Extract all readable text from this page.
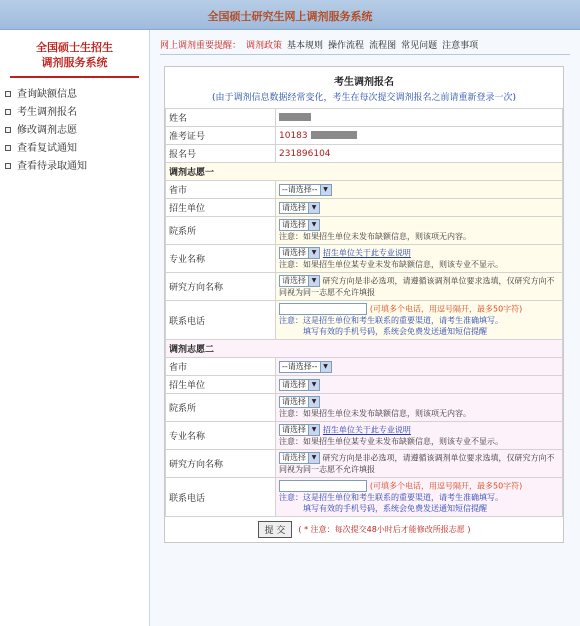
全国硕士研究生网上调剂服务系统
全国硕士生招生
调剂服务系统
查询缺额信息
考生调剂报名
修改调剂志愿
查看复试通知
查看待录取通知
网上调剂重要提醒： 调剂政策 基本规则 操作流程 流程图 常见问题 注意事项
考生调剂报名
(由于调剂信息数据经常变化，考生在每次提交调剂报名之前请重新登录一次)
姓名	
准考证号	10183
报名号	231896104
调剂志愿一	
省市	--请选择-- ▼

招生单位	请选择 ▼

院系所	请选择 ▼
注意：如果招生单位未发布缺额信息，则该项无内容。

专业名称	请选择 ▼ 招生单位关于此专业说明
注意：如果招生单位某专业未发布缺额信息，则该专业不显示。

研究方向名称	请选择 ▼ 研究方向是非必选项，请遵循该调剂单位要求选填，仅研究方向不同视为同一志愿不允许填报
联系电话	(可填多个电话，用逗号隔开，最多50字符)
注意：这是招生单位和考生联系的重要渠道，请考生准确填写。
填写有效的手机号码，系统会免费发送通知短信提醒

调剂志愿二	
省市	--请选择-- ▼

招生单位	请选择 ▼

院系所	请选择 ▼
注意：如果招生单位未发布缺额信息，则该项无内容。

专业名称	请选择 ▼ 招生单位关于此专业说明
注意：如果招生单位某专业未发布缺额信息，则该专业不显示。

研究方向名称	请选择 ▼ 研究方向是非必选项，请遵循该调剂单位要求选填，仅研究方向不同视为同一志愿不允许填报
联系电话	(可填多个电话，用逗号隔开，最多50字符)
注意：这是招生单位和考生联系的重要渠道，请考生准确填写。
填写有效的手机号码，系统会免费发送通知短信提醒
提 交 ( * 注意：每次提交48小时后才能修改所报志愿 )
